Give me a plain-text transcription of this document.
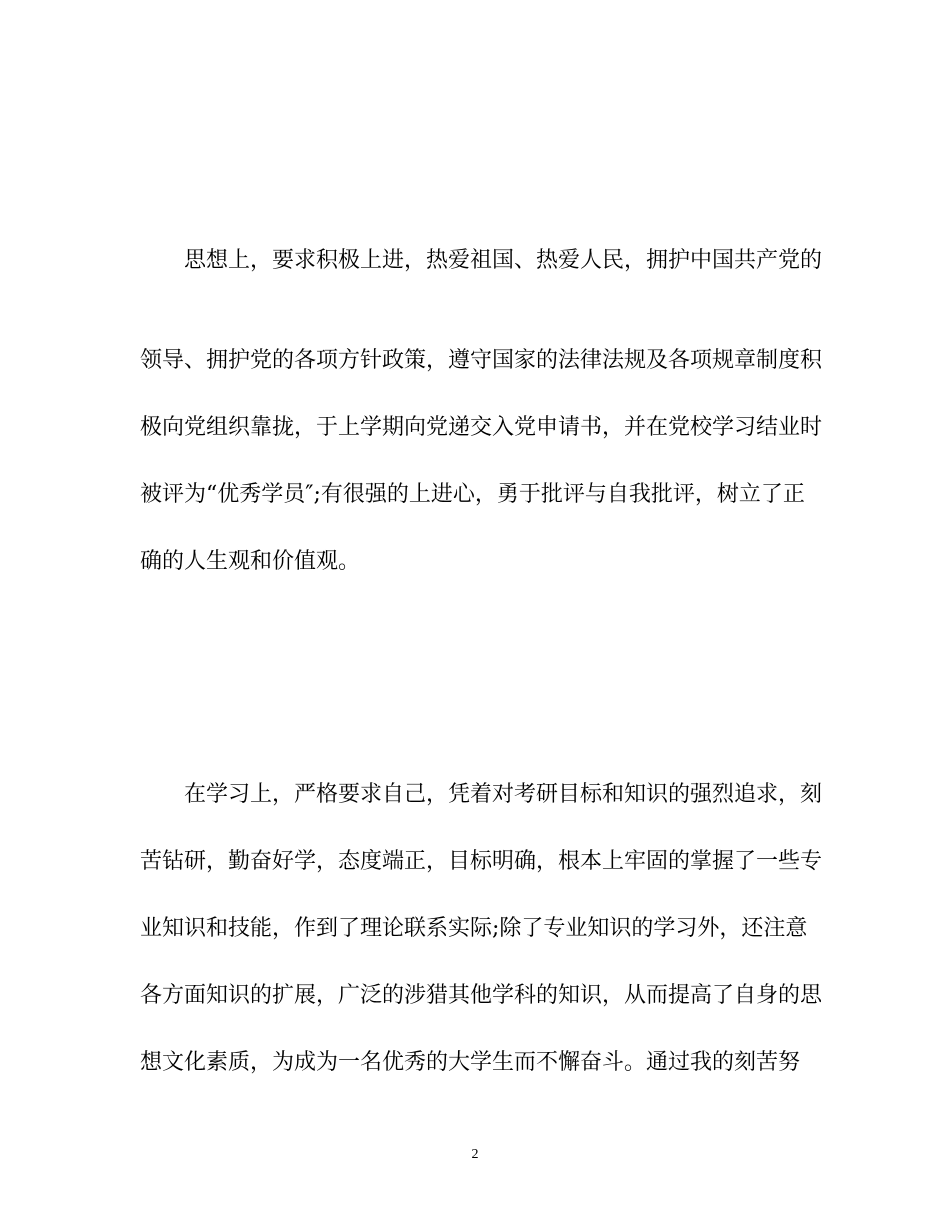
　　思想上，要求积极上进，热爱祖国、热爱人民，拥护中国共产党的
领导、拥护党的各项方针政策，遵守国家的法律法规及各项规章制度积
极向党组织靠拢，于上学期向党递交入党申请书，并在党校学习结业时
被评为“优秀学员″;有很强的上进心，勇于批评与自我批评，树立了正
确的人生观和价值观。
　　在学习上，严格要求自己，凭着对考研目标和知识的强烈追求，刻
苦钻研，勤奋好学，态度端正，目标明确，根本上牢固的掌握了一些专
业知识和技能，作到了理论联系实际;除了专业知识的学习外，还注意
各方面知识的扩展，广泛的涉猎其他学科的知识，从而提高了自身的思
想文化素质，为成为一名优秀的大学生而不懈奋斗。通过我的刻苦努
2
